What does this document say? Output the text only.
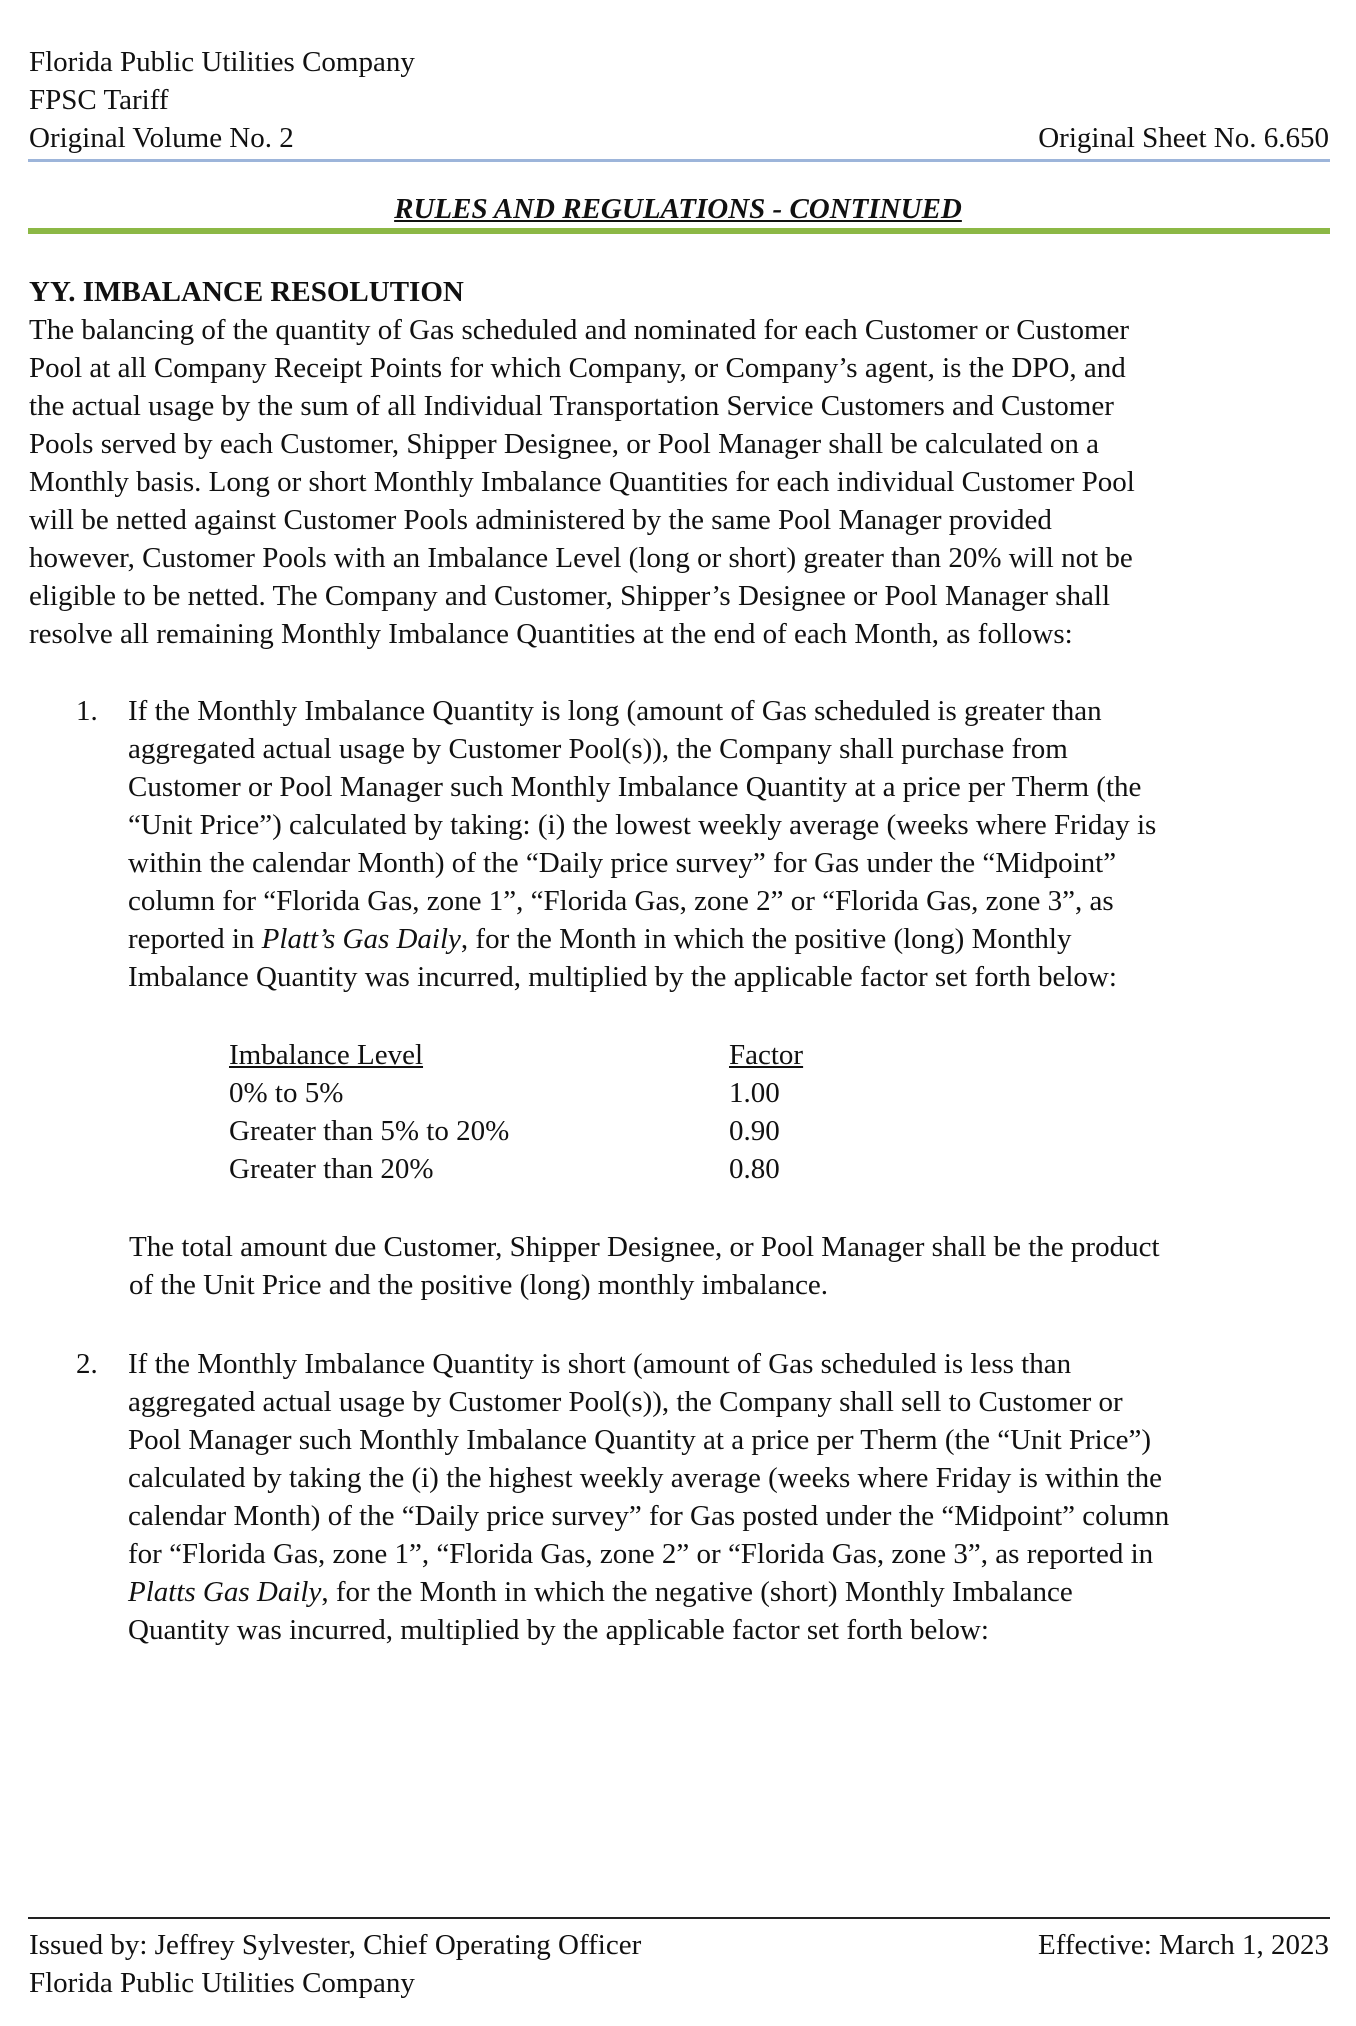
Florida Public Utilities Company
FPSC Tariff
Original Volume No. 2	Original Sheet No. 6.650
RULES AND REGULATIONS - CONTINUED
YY. IMBALANCE RESOLUTION
The balancing of the quantity of Gas scheduled and nominated for each Customer or Customer
Pool at all Company Receipt Points for which Company, or Company’s agent, is the DPO, and
the actual usage by the sum of all Individual Transportation Service Customers and Customer
Pools served by each Customer, Shipper Designee, or Pool Manager shall be calculated on a
Monthly basis. Long or short Monthly Imbalance Quantities for each individual Customer Pool
will be netted against Customer Pools administered by the same Pool Manager provided
however, Customer Pools with an Imbalance Level (long or short) greater than 20% will not be
eligible to be netted. The Company and Customer, Shipper’s Designee or Pool Manager shall
resolve all remaining Monthly Imbalance Quantities at the end of each Month, as follows:
1. If the Monthly Imbalance Quantity is long (amount of Gas scheduled is greater than
aggregated actual usage by Customer Pool(s)), the Company shall purchase from
Customer or Pool Manager such Monthly Imbalance Quantity at a price per Therm (the
“Unit Price”) calculated by taking: (i) the lowest weekly average (weeks where Friday is
within the calendar Month) of the “Daily price survey” for Gas under the “Midpoint”
column for “Florida Gas, zone 1”, “Florida Gas, zone 2” or “Florida Gas, zone 3”, as
reported in Platt’s Gas Daily, for the Month in which the positive (long) Monthly
Imbalance Quantity was incurred, multiplied by the applicable factor set forth below:
Imbalance Level	Factor
0% to 5%	1.00
Greater than 5% to 20%	0.90
Greater than 20%	0.80
The total amount due Customer, Shipper Designee, or Pool Manager shall be the product
of the Unit Price and the positive (long) monthly imbalance.
2. If the Monthly Imbalance Quantity is short (amount of Gas scheduled is less than
aggregated actual usage by Customer Pool(s)), the Company shall sell to Customer or
Pool Manager such Monthly Imbalance Quantity at a price per Therm (the “Unit Price”)
calculated by taking the (i) the highest weekly average (weeks where Friday is within the
calendar Month) of the “Daily price survey” for Gas posted under the “Midpoint” column
for “Florida Gas, zone 1”, “Florida Gas, zone 2” or “Florida Gas, zone 3”, as reported in
Platts Gas Daily, for the Month in which the negative (short) Monthly Imbalance
Quantity was incurred, multiplied by the applicable factor set forth below:
Issued by: Jeffrey Sylvester, Chief Operating Officer	Effective: March 1, 2023
Florida Public Utilities Company
